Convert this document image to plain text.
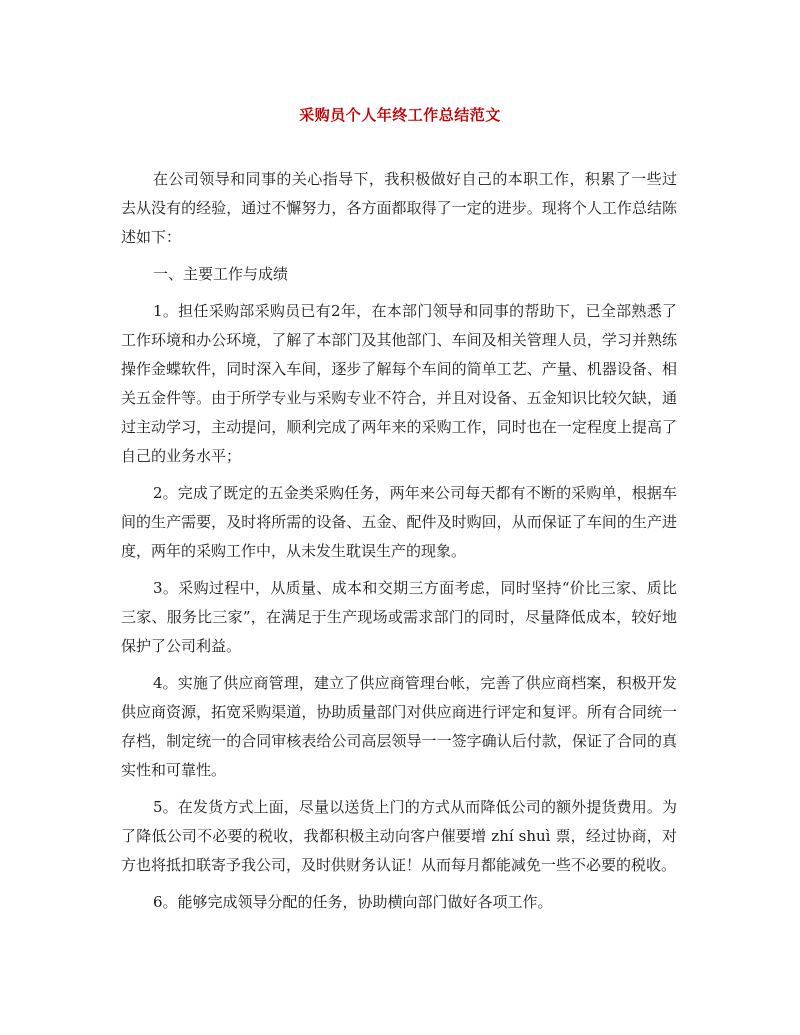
采购员个人年终工作总结范文

在公司领导和同事的关心指导下，我积极做好自己的本职工作，积累了一些过去从没有的经验，通过不懈努力，各方面都取得了一定的进步。现将个人工作总结陈述如下：

一、主要工作与成绩

1。担任采购部采购员已有2年，在本部门领导和同事的帮助下，已全部熟悉了工作环境和办公环境，了解了本部门及其他部门、车间及相关管理人员，学习并熟练操作金蝶软件，同时深入车间，逐步了解每个车间的简单工艺、产量、机器设备、相关五金件等。由于所学专业与采购专业不符合，并且对设备、五金知识比较欠缺，通过主动学习，主动提问，顺利完成了两年来的采购工作，同时也在一定程度上提高了自己的业务水平；

2。完成了既定的五金类采购任务，两年来公司每天都有不断的采购单，根据车间的生产需要，及时将所需的设备、五金、配件及时购回，从而保证了车间的生产进度，两年的采购工作中，从未发生耽误生产的现象。

3。采购过程中，从质量、成本和交期三方面考虑，同时坚持“价比三家、质比三家、服务比三家”，在满足于生产现场或需求部门的同时，尽量降低成本，较好地保护了公司利益。

4。实施了供应商管理，建立了供应商管理台帐，完善了供应商档案，积极开发供应商资源，拓宽采购渠道，协助质量部门对供应商进行评定和复评。所有合同统一存档，制定统一的合同审核表给公司高层领导一一签字确认后付款，保证了合同的真实性和可靠性。

5。在发货方式上面，尽量以送货上门的方式从而降低公司的额外提货费用。为了降低公司不必要的税收，我都积极主动向客户催要增 zhí shuì 票，经过协商，对方也将抵扣联寄予我公司，及时供财务认证！从而每月都能减免一些不必要的税收。

6。能够完成领导分配的任务，协助横向部门做好各项工作。
